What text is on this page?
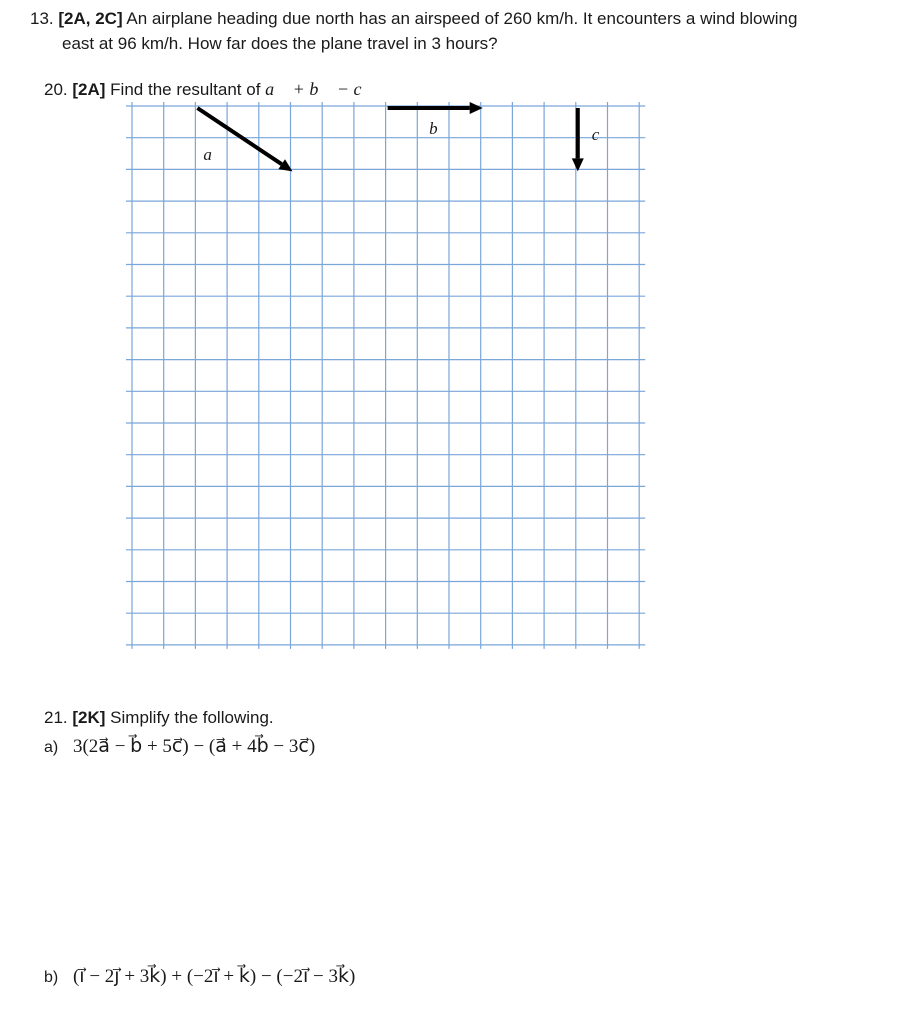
13. [2A, 2C] An airplane heading due north has an airspeed of 260 km/h. It encounters a wind blowing
east at 96 km/h. How far does the plane travel in 3 hours?
20. [2A] Find the resultant of a⃗ + b⃗ − c⃗
a⃗
b⃗	c⃗
21. [2K] Simplify the following.
a) 3(2a⃗ − b⃗ + 5c⃗) − (a⃗ + 4b⃗ − 3c⃗)
b) (i⃗ − 2j⃗ + 3k⃗) + (−2i⃗ + k⃗) − (−2i⃗ − 3k⃗)
